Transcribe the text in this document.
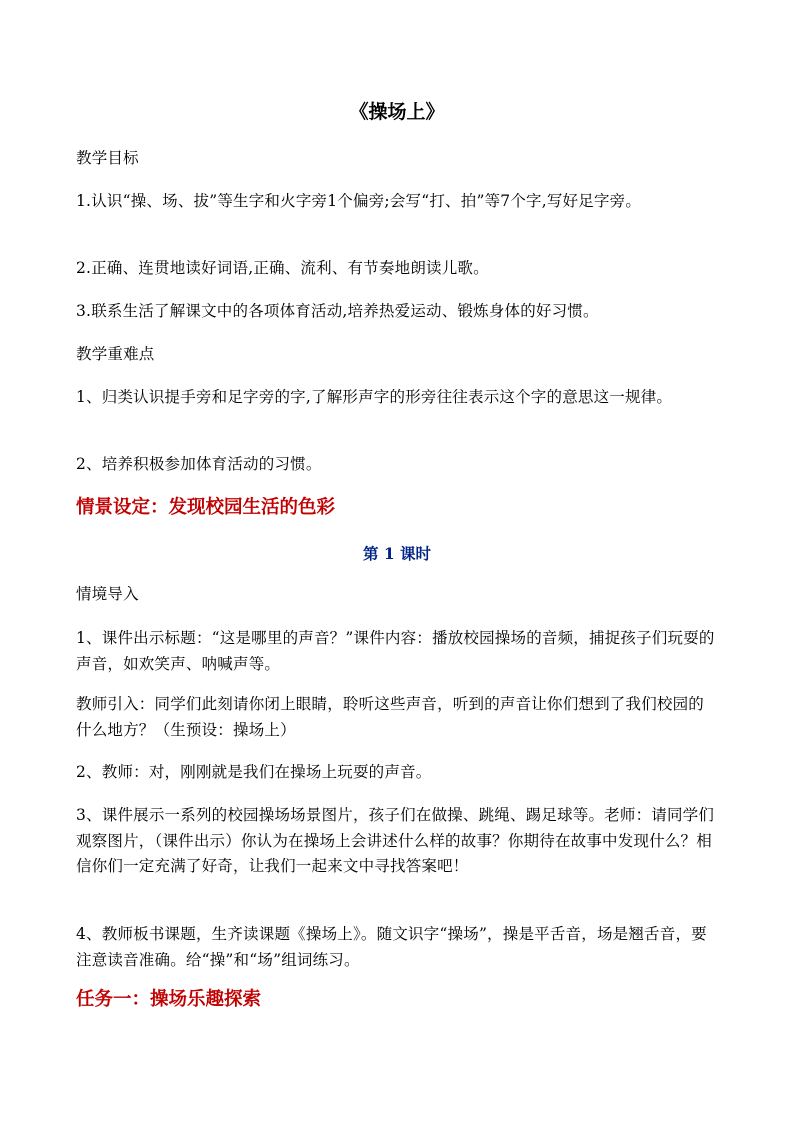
《操场上》

教学目标

1.认识“操、场、拔”等生字和火字旁1个偏旁;会写“打、拍”等7个字,写好足字旁。

2.正确、连贯地读好词语,正确、流利、有节奏地朗读儿歌。

3.联系生活了解课文中的各项体育活动,培养热爱运动、锻炼身体的好习惯。

教学重难点

1、归类认识提手旁和足字旁的字,了解形声字的形旁往往表示这个字的意思这一规律。

2、培养积极参加体育活动的习惯。

情景设定：发现校园生活的色彩
第 1 课时

情境导入

1、课件出示标题：“这是哪里的声音？”课件内容：播放校园操场的音频，捕捉孩子们玩耍的声音，如欢笑声、呐喊声等。

教师引入：同学们此刻请你闭上眼睛，聆听这些声音，听到的声音让你们想到了我们校园的什么地方？（生预设：操场上）

2、教师：对，刚刚就是我们在操场上玩耍的声音。

3、课件展示一系列的校园操场场景图片，孩子们在做操、跳绳、踢足球等。老师：请同学们观察图片，（课件出示）你认为在操场上会讲述什么样的故事？你期待在故事中发现什么？相信你们一定充满了好奇，让我们一起来文中寻找答案吧！

4、教师板书课题，生齐读课题《操场上》。随文识字“操场”，操是平舌音，场是翘舌音，要注意读音准确。给“操”和“场”组词练习。

任务一：操场乐趣探索
